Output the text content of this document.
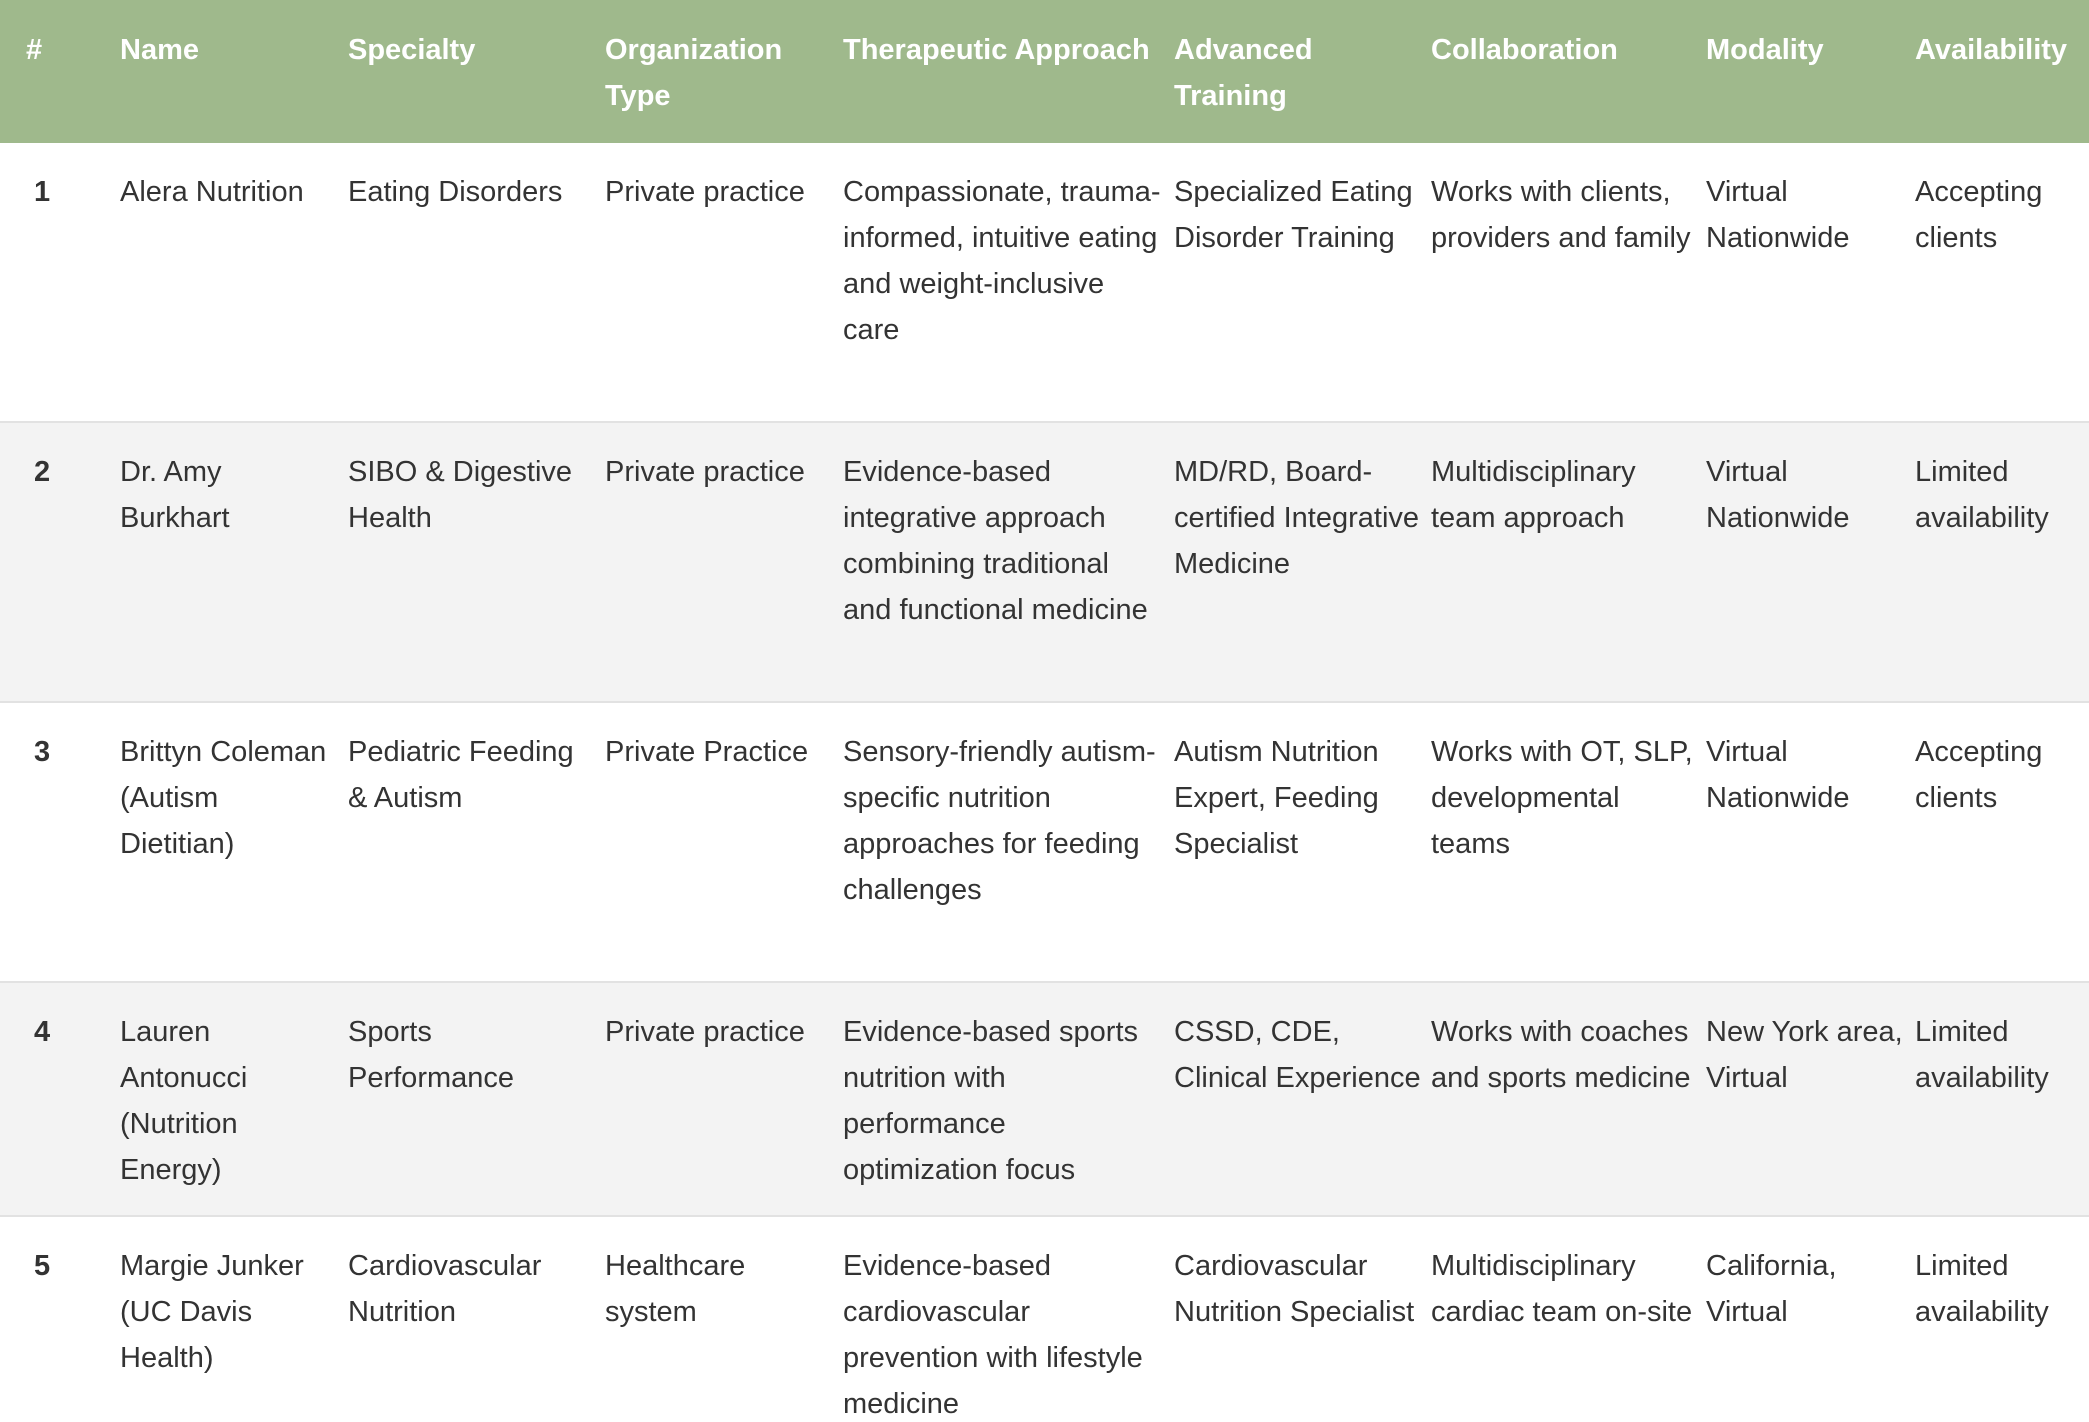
#	Name	Specialty	Organization Type	Therapeutic Approach	Advanced Training	Collaboration	Modality	Availability
1	Alera Nutrition	Eating Disorders	Private practice	Compassionate, trauma-informed, intuitive eating and weight-inclusive care	Specialized Eating Disorder Training	Works with clients, providers and family	Virtual Nationwide	Accepting clients
2	Dr. Amy Burkhart	SIBO & Digestive Health	Private practice	Evidence-based integrative approach combining traditional and functional medicine	MD/RD, Board-certified Integrative Medicine	Multidisciplinary team approach	Virtual Nationwide	Limited availability
3	Brittyn Coleman (Autism Dietitian)	Pediatric Feeding & Autism	Private Practice	Sensory-friendly autism-specific nutrition approaches for feeding challenges	Autism Nutrition Expert, Feeding Specialist	Works with OT, SLP, developmental teams	Virtual Nationwide	Accepting clients
4	Lauren Antonucci (Nutrition Energy)	Sports Performance	Private practice	Evidence-based sports nutrition with performance optimization focus	CSSD, CDE, Clinical Experience	Works with coaches and sports medicine	New York area, Virtual	Limited availability
5	Margie Junker (UC Davis Health)	Cardiovascular Nutrition	Healthcare system	Evidence-based cardiovascular prevention with lifestyle medicine	Cardiovascular Nutrition Specialist	Multidisciplinary cardiac team on-site	California, Virtual	Limited availability
